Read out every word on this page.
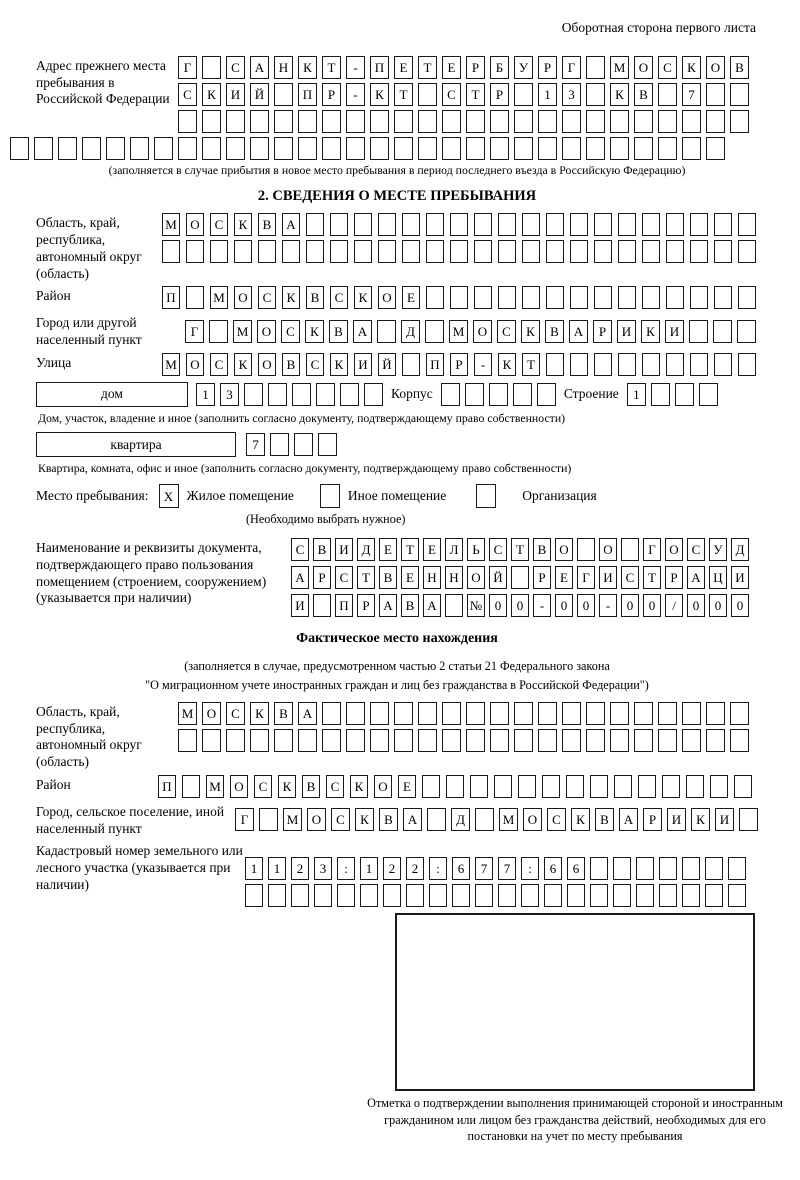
Оборотная сторона первого листа
Адрес прежнего места пребывания в Российской Федерации
Г	С	А	Н	К	Т	-	П	Е	Т	Е	Р	Б	У	Р	Г	М	О	С	К	О	В
С	К	И	Й	П	Р	-	К	Т	С	Т	Р	1	3	К	В	7
(заполняется в случае прибытия в новое место пребывания в период последнего въезда в Российскую Федерацию)
2. СВЕДЕНИЯ О МЕСТЕ ПРЕБЫВАНИЯ
Область, край, республика, автономный округ (область)
М	О	С	К	В	А
Район	П	М	О	С	К	В	С	К	О	Е
Город или другой населенный пункт
Г	М	О	С	К	В	А	Д	М	О	С	К	В	А	Р	И	К	И
Улица	М	О	С	К	О	В	С	К	И	Й	П	Р	-	К	Т
дом	1	3	Корпус	Строение	1
Дом, участок, владение и иное (заполнить согласно документу, подтверждающему право собственности)
квартира	7
Квартира, комната, офис и иное (заполнить согласно документу, подтверждающему право собственности)
Место пребывания:	X Жилое помещение	Иное помещение	Организация
(Необходимо выбрать нужное)
Наименование и реквизиты документа, подтверждающего право пользования помещением (строением, сооружением) (указывается при наличии)
С	В И Д	Е	Т	Е	Л	Ь	С	Т	В О	О	Г	О С	У Д
А	Р	С	Т	В	Е	Н Н О Й	Р	Е	Г	И С	Т	Р	А Ц И
И	П	Р	А В А	№ 0	0	-	0	0	-	0	0	/	0	0	0
Фактическое место нахождения
(заполняется в случае, предусмотренном частью 2 статьи 21 Федерального закона
"О миграционном учете иностранных граждан и лиц без гражданства в Российской Федерации")
Область, край, республика, автономный округ (область)
М	О	С	К	В	А
Район	П	М	О	С	К	В	С	К	О	Е
Город, сельское поселение, иной населенный пункт
Г	М	О	С	К	В	А	Д	М	О	С	К	В	А	Р	И	К	И
Кадастровый номер земельного или лесного участка (указывается при наличии)
1	1	2	3	:	1	2	2	:	6	7	7	:	6	6
Отметка о подтверждении выполнения принимающей стороной и иностранным гражданином или лицом без гражданства действий, необходимых для его постановки на учет по месту пребывания
